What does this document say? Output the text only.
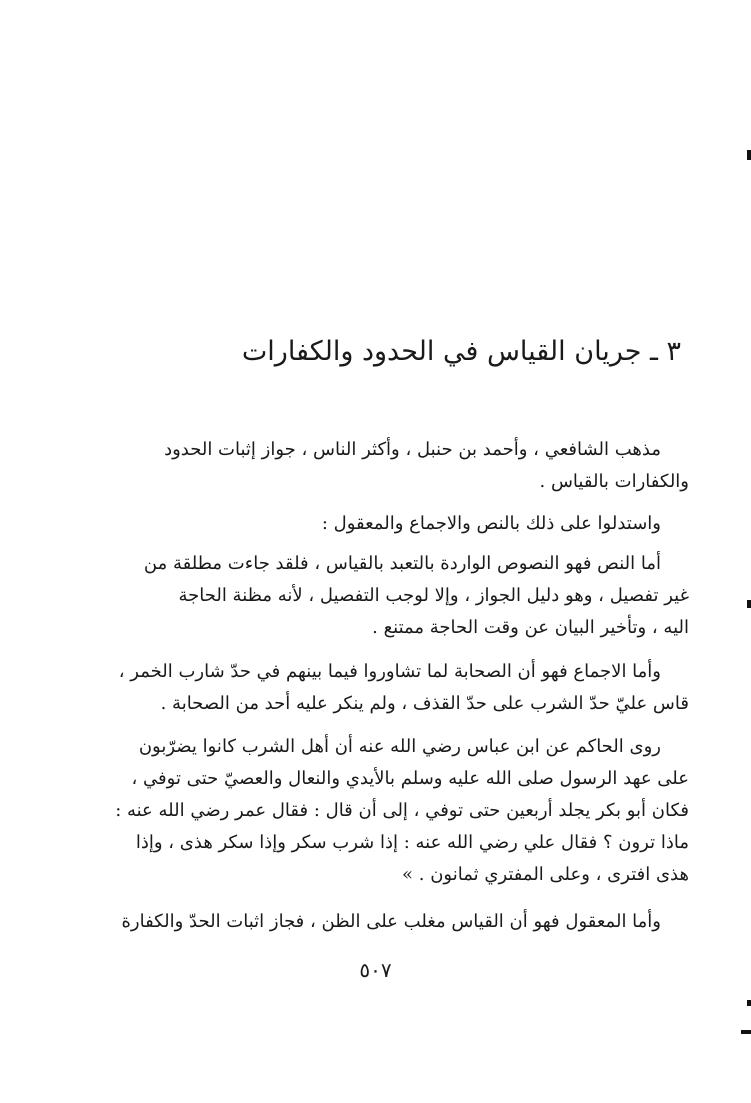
٣ ـ جريان القياس في الحدود والكفارات
مذهب الشافعي ، وأحمد بن حنبل ، وأكثر الناس ، جواز إثبات الحدود
والكفارات بالقياس .
واستدلوا على ذلك بالنص والاجماع والمعقول :
أما النص فهو النصوص الواردة بالتعبد بالقياس ، فلقد جاءت مطلقة من
غير تفصيل ، وهو دليل الجواز ، وإلا لوجب التفصيل ، لأنه مظنة الحاجة
اليه ، وتأخير البيان عن وقت الحاجة ممتنع .
وأما الاجماع فهو أن الصحابة لما تشاوروا فيما بينهم في حدّ شارب الخمر ،
قاس عليّ حدّ الشرب على حدّ القذف ، ولم ينكر عليه أحد من الصحابة .
روى الحاكم عن ابن عباس رضي الله عنه أن أهل الشرب كانوا يضرّبون
على عهد الرسول صلى الله عليه وسلم بالأيدي والنعال والعصيّ حتى توفي ،
فكان أبو بكر يجلد أربعين حتى توفي ، إلى أن قال : فقال عمر رضي الله عنه :
ماذا ترون ؟ فقال علي رضي الله عنه : إذا شرب سكر وإذا سكر هذى ، وإذا
هذى افترى ، وعلى المفتري ثمانون . »
وأما المعقول فهو أن القياس مغلب على الظن ، فجاز اثبات الحدّ والكفارة
٥٠٧
